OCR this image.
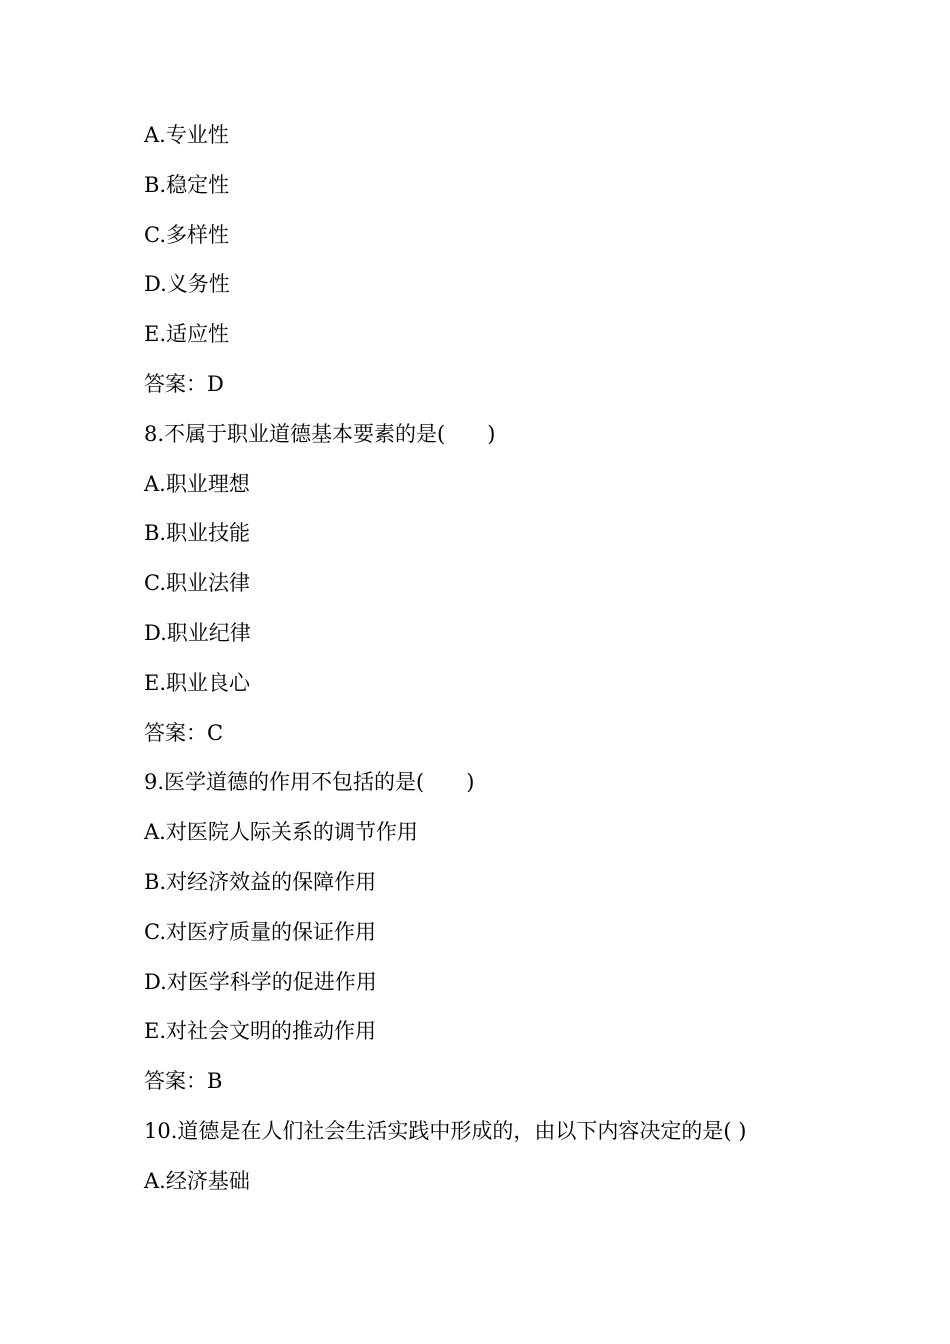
A.专业性
B.稳定性
C.多样性
D.义务性
E.适应性
答案：D
8.不属于职业道德基本要素的是(　　)
A.职业理想
B.职业技能
C.职业法律
D.职业纪律
E.职业良心
答案：C
9.医学道德的作用不包括的是(　　)
A.对医院人际关系的调节作用
B.对经济效益的保障作用
C.对医疗质量的保证作用
D.对医学科学的促进作用
E.对社会文明的推动作用
答案：B
10.道德是在人们社会生活实践中形成的，由以下内容决定的是( )
A.经济基础
